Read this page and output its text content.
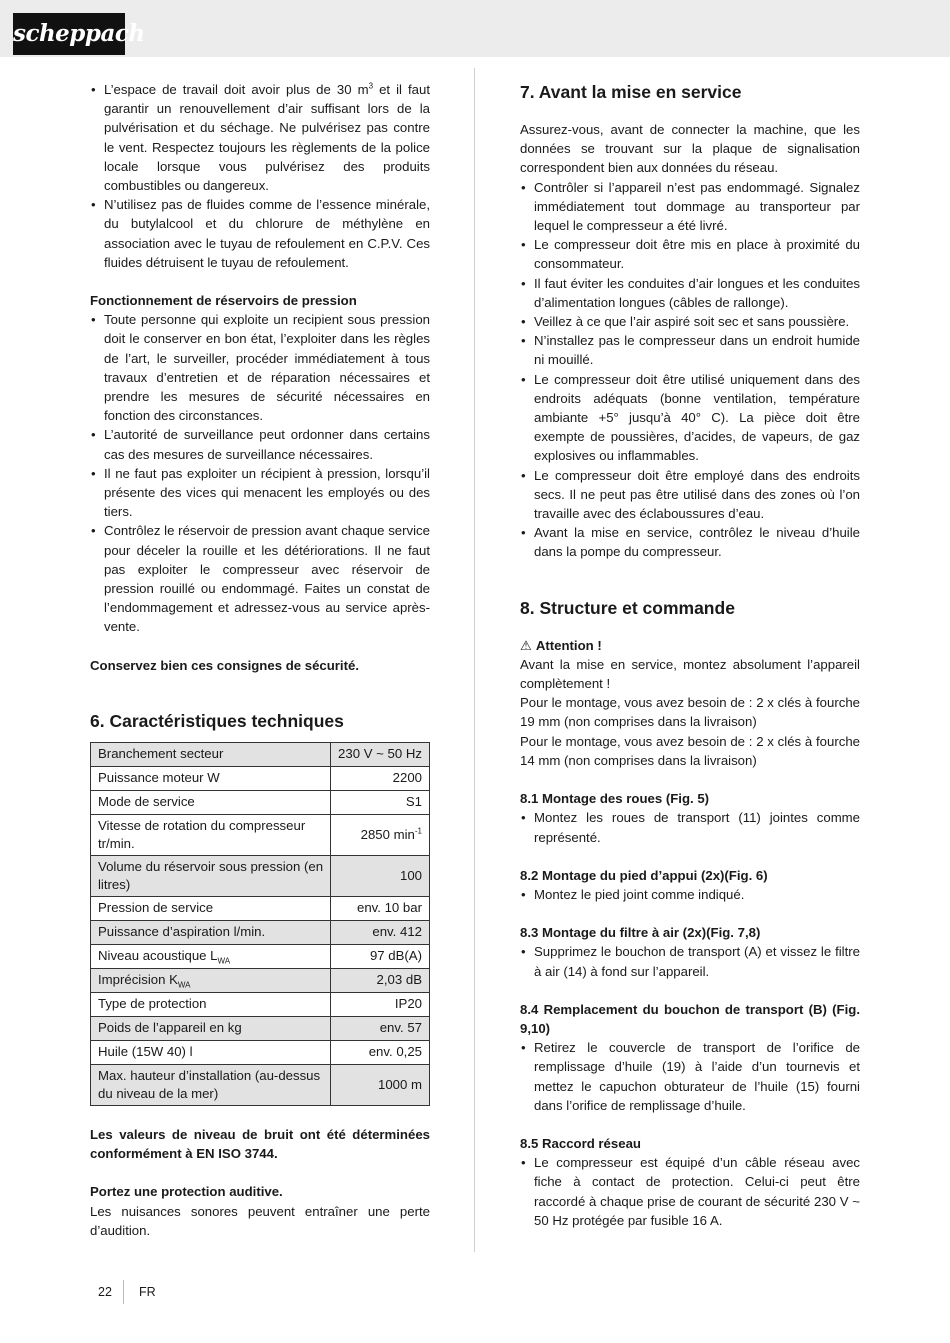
scheppach
• L’espace de travail doit avoir plus de 30 $m^3$ et il faut garantir un renouvellement d’air suffisant lors de la pulvérisation et du séchage. Ne pulvérisez pas contre le vent. Respectez toujours les règlements de la police locale lorsque vous pulvérisez des produits combustibles ou dangereux.
• N’utilisez pas de fluides comme de l’essence minérale, du butylalcool et du chlorure de méthylène en association avec le tuyau de refoulement en C.P.V. Ces fluides détruisent le tuyau de refoulement.

Fonctionnement de réservoirs de pression

• Toute personne qui exploite un recipient sous pression doit le conserver en bon état, l’exploiter dans les règles de l’art, le surveiller, procéder immédiatement à tous travaux d’entretien et de réparation nécessaires et prendre les mesures de sécurité nécessaires en fonction des circonstances.
• L’autorité de surveillance peut ordonner dans certains cas des mesures de surveillance nécessaires.
• Il ne faut pas exploiter un récipient à pression, lorsqu’il présente des vices qui menacent les employés ou des tiers.
• Contrôlez le réservoir de pression avant chaque service pour déceler la rouille et les détériorations. Il ne faut pas exploiter le compresseur avec réservoir de pression rouillé ou endommagé. Faites un constat de l’endommagement et adressez-vous au service après-vente.

Conservez bien ces consignes de sécurité.

6. Caractéristiques techniques
Branchement secteur	230 V ~ 50 Hz
Puissance moteur W	2200
Mode de service	S1
Vitesse de rotation du compresseur tr/min.	2850 $\min^{-1}$
Volume du réservoir sous pression (en litres)	100
Pression de service	env. 10 bar
Puissance d’aspiration l/min.	env. 412
Niveau acoustique $L_{WA}$	97 dB(A)
Imprécision $K_{WA}$	2,03 dB
Type de protection	IP20
Poids de l’appareil en kg	env. 57
Huile (15W 40) l	env. 0,25
Max. hauteur d’installation (au-dessus du niveau de la mer)	1000 m

Les valeurs de niveau de bruit ont été déterminées conformément à EN ISO 3744.

Portez une protection auditive.

Les nuisances sonores peuvent entraîner une perte d’audition.

7. Avant la mise en service

Assurez-vous, avant de connecter la machine, que les données se trouvant sur la plaque de signalisation correspondent bien aux données du réseau.

• Contrôler si l’appareil n’est pas endommagé. Signalez immédiatement tout dommage au transporteur par lequel le compresseur a été livré.
• Le compresseur doit être mis en place à proximité du consommateur.
• Il faut éviter les conduites d’air longues et les conduites d’alimentation longues (câbles de rallonge).
• Veillez à ce que l’air aspiré soit sec et sans poussière.
• N’installez pas le compresseur dans un endroit humide ni mouillé.
• Le compresseur doit être utilisé uniquement dans des endroits adéquats (bonne ventilation, température ambiante +5° jusqu’à 40° C). La pièce doit être exempte de poussières, d’acides, de vapeurs, de gaz explosives ou inflammables.
• Le compresseur doit être employé dans des endroits secs. Il ne peut pas être utilisé dans des zones où l’on travaille avec des éclaboussures d’eau.
• Avant la mise en service, contrôlez le niveau d’huile dans la pompe du compresseur.
8. Structure et commande

⚠ Attention !

Avant la mise en service, montez absolument l’appareil complètement !

Pour le montage, vous avez besoin de : 2 x clés à fourche 19 mm (non comprises dans la livraison)

Pour le montage, vous avez besoin de : 2 x clés à fourche 14 mm (non comprises dans la livraison)

8.1 Montage des roues (Fig. 5)

• Montez les roues de transport (11) jointes comme représenté.

8.2 Montage du pied d’appui (2x)(Fig. 6)

• Montez le pied joint comme indiqué.

8.3 Montage du filtre à air (2x)(Fig. 7,8)

• Supprimez le bouchon de transport (A) et vissez le filtre à air (14) à fond sur l’appareil.

8.4 Remplacement du bouchon de transport (B) (Fig. 9,10)

• Retirez le couvercle de transport de l’orifice de remplissage d’huile (19) à l’aide d’un tournevis et mettez le capuchon obturateur de l’huile (15) fourni dans l’orifice de remplissage d’huile.

8.5 Raccord réseau

• Le compresseur est équipé d’un câble réseau avec fiche à contact de protection. Celui-ci peut être raccordé à chaque prise de courant de sécurité 230 V ~ 50 Hz protégée par fusible 16 A.
22 FR
